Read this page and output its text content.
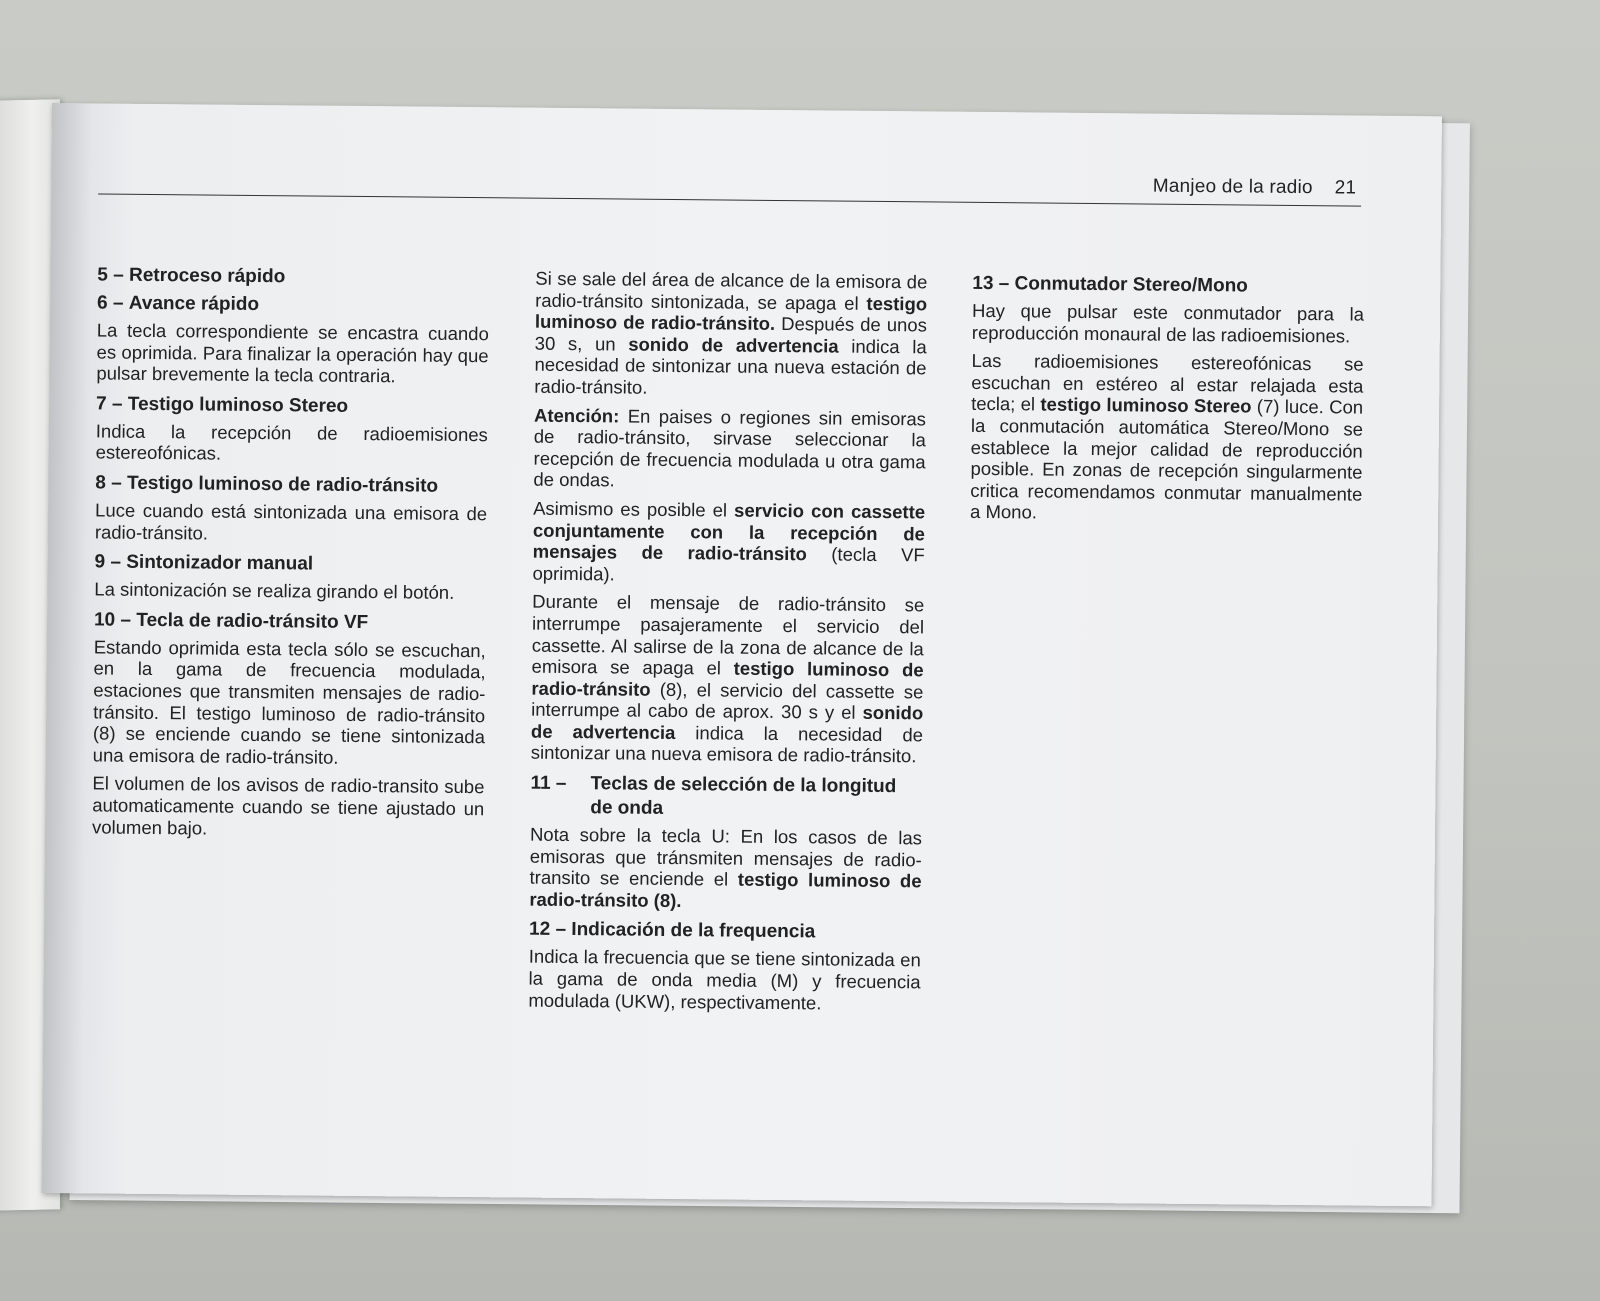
Manjeo de la radio 21
5 – Retroceso rápido
6 – Avance rápido

La tecla correspondiente se encastra cuando es oprimida. Para finalizar la operación hay que pulsar brevemente la tecla contraria.

7 – Testigo luminoso Stereo

Indica la recepción de radioemisiones estereofónicas.

8 – Testigo luminoso de radio-tránsito

Luce cuando está sintonizada una emisora de radio-tránsito.

9 – Sintonizador manual

La sintonización se realiza girando el botón.

10 – Tecla de radio-tránsito VF

Estando oprimida esta tecla sólo se escuchan, en la gama de frecuencia modulada, estaciones que transmiten mensajes de radio-tránsito. El testigo luminoso de radio-tránsito (8) se enciende cuando se tiene sintonizada una emisora de radio-tránsito.

El volumen de los avisos de radio-transito sube automaticamente cuando se tiene ajustado un volumen bajo.

Si se sale del área de alcance de la emisora de radio-tránsito sintonizada, se apaga el testigo luminoso de radio-tránsito. Después de unos 30 s, un sonido de advertencia indica la necesidad de sintonizar una nueva estación de radio-tránsito.

Atención: En paises o regiones sin emisoras de radio-tránsito, sirvase seleccionar la recepción de frecuencia modulada u otra gama de ondas.

Asimismo es posible el servicio con cassette conjuntamente con la recepción de mensajes de radio-tránsito (tecla VF oprimida).

Durante el mensaje de radio-tránsito se interrumpe pasajeramente el servicio del cassette. Al salirse de la zona de alcance de la emisora se apaga el testigo luminoso de radio-tránsito (8), el servicio del cassette se interrumpe al cabo de aprox. 30 s y el sonido de advertencia indica la necesidad de sintonizar una nueva emisora de radio-tránsito.

11 – Teclas de selección de la longitud de onda

Nota sobre la tecla U: En los casos de las emisoras que tránsmiten mensajes de radio-transito se enciende el testigo luminoso de radio-tránsito (8).

12 – Indicación de la frequencia

Indica la frecuencia que se tiene sintonizada en la gama de onda media (M) y frecuencia modulada (UKW), respectivamente.

13 – Conmutador Stereo/Mono

Hay que pulsar este conmutador para la reproducción monaural de las radioemisiones.

Las radioemisiones estereofónicas se escuchan en estéreo al estar relajada esta tecla; el testigo luminoso Stereo (7) luce. Con la conmutación automática Stereo/Mono se establece la mejor calidad de reproducción posible. En zonas de recepción singularmente critica recomendamos conmutar manualmente a Mono.
